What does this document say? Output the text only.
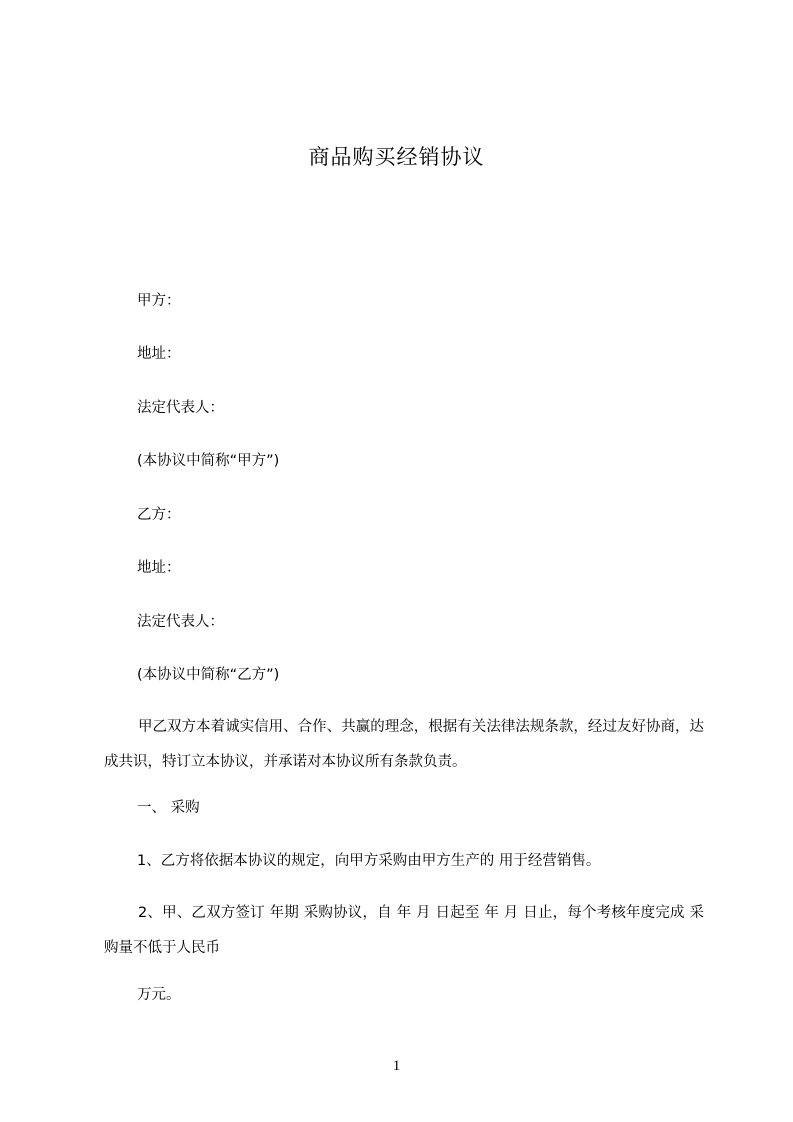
商品购买经销协议
甲方：
地址：
法定代表人：
(本协议中简称“甲方”)
乙方：
地址：
法定代表人：
(本协议中简称“乙方”)
甲乙双方本着诚实信用、合作、共赢的理念，根据有关法律法规条款，经过友好协商，达成共识，特订立本协议，并承诺对本协议所有条款负责。
一、 采购
1、乙方将依据本协议的规定，向甲方采购由甲方生产的 用于经营销售。
2、甲、乙双方签订 年期 采购协议，自 年 月 日起至 年 月 日止，每个考核年度完成 采购量不低于人民币
万元。
1
